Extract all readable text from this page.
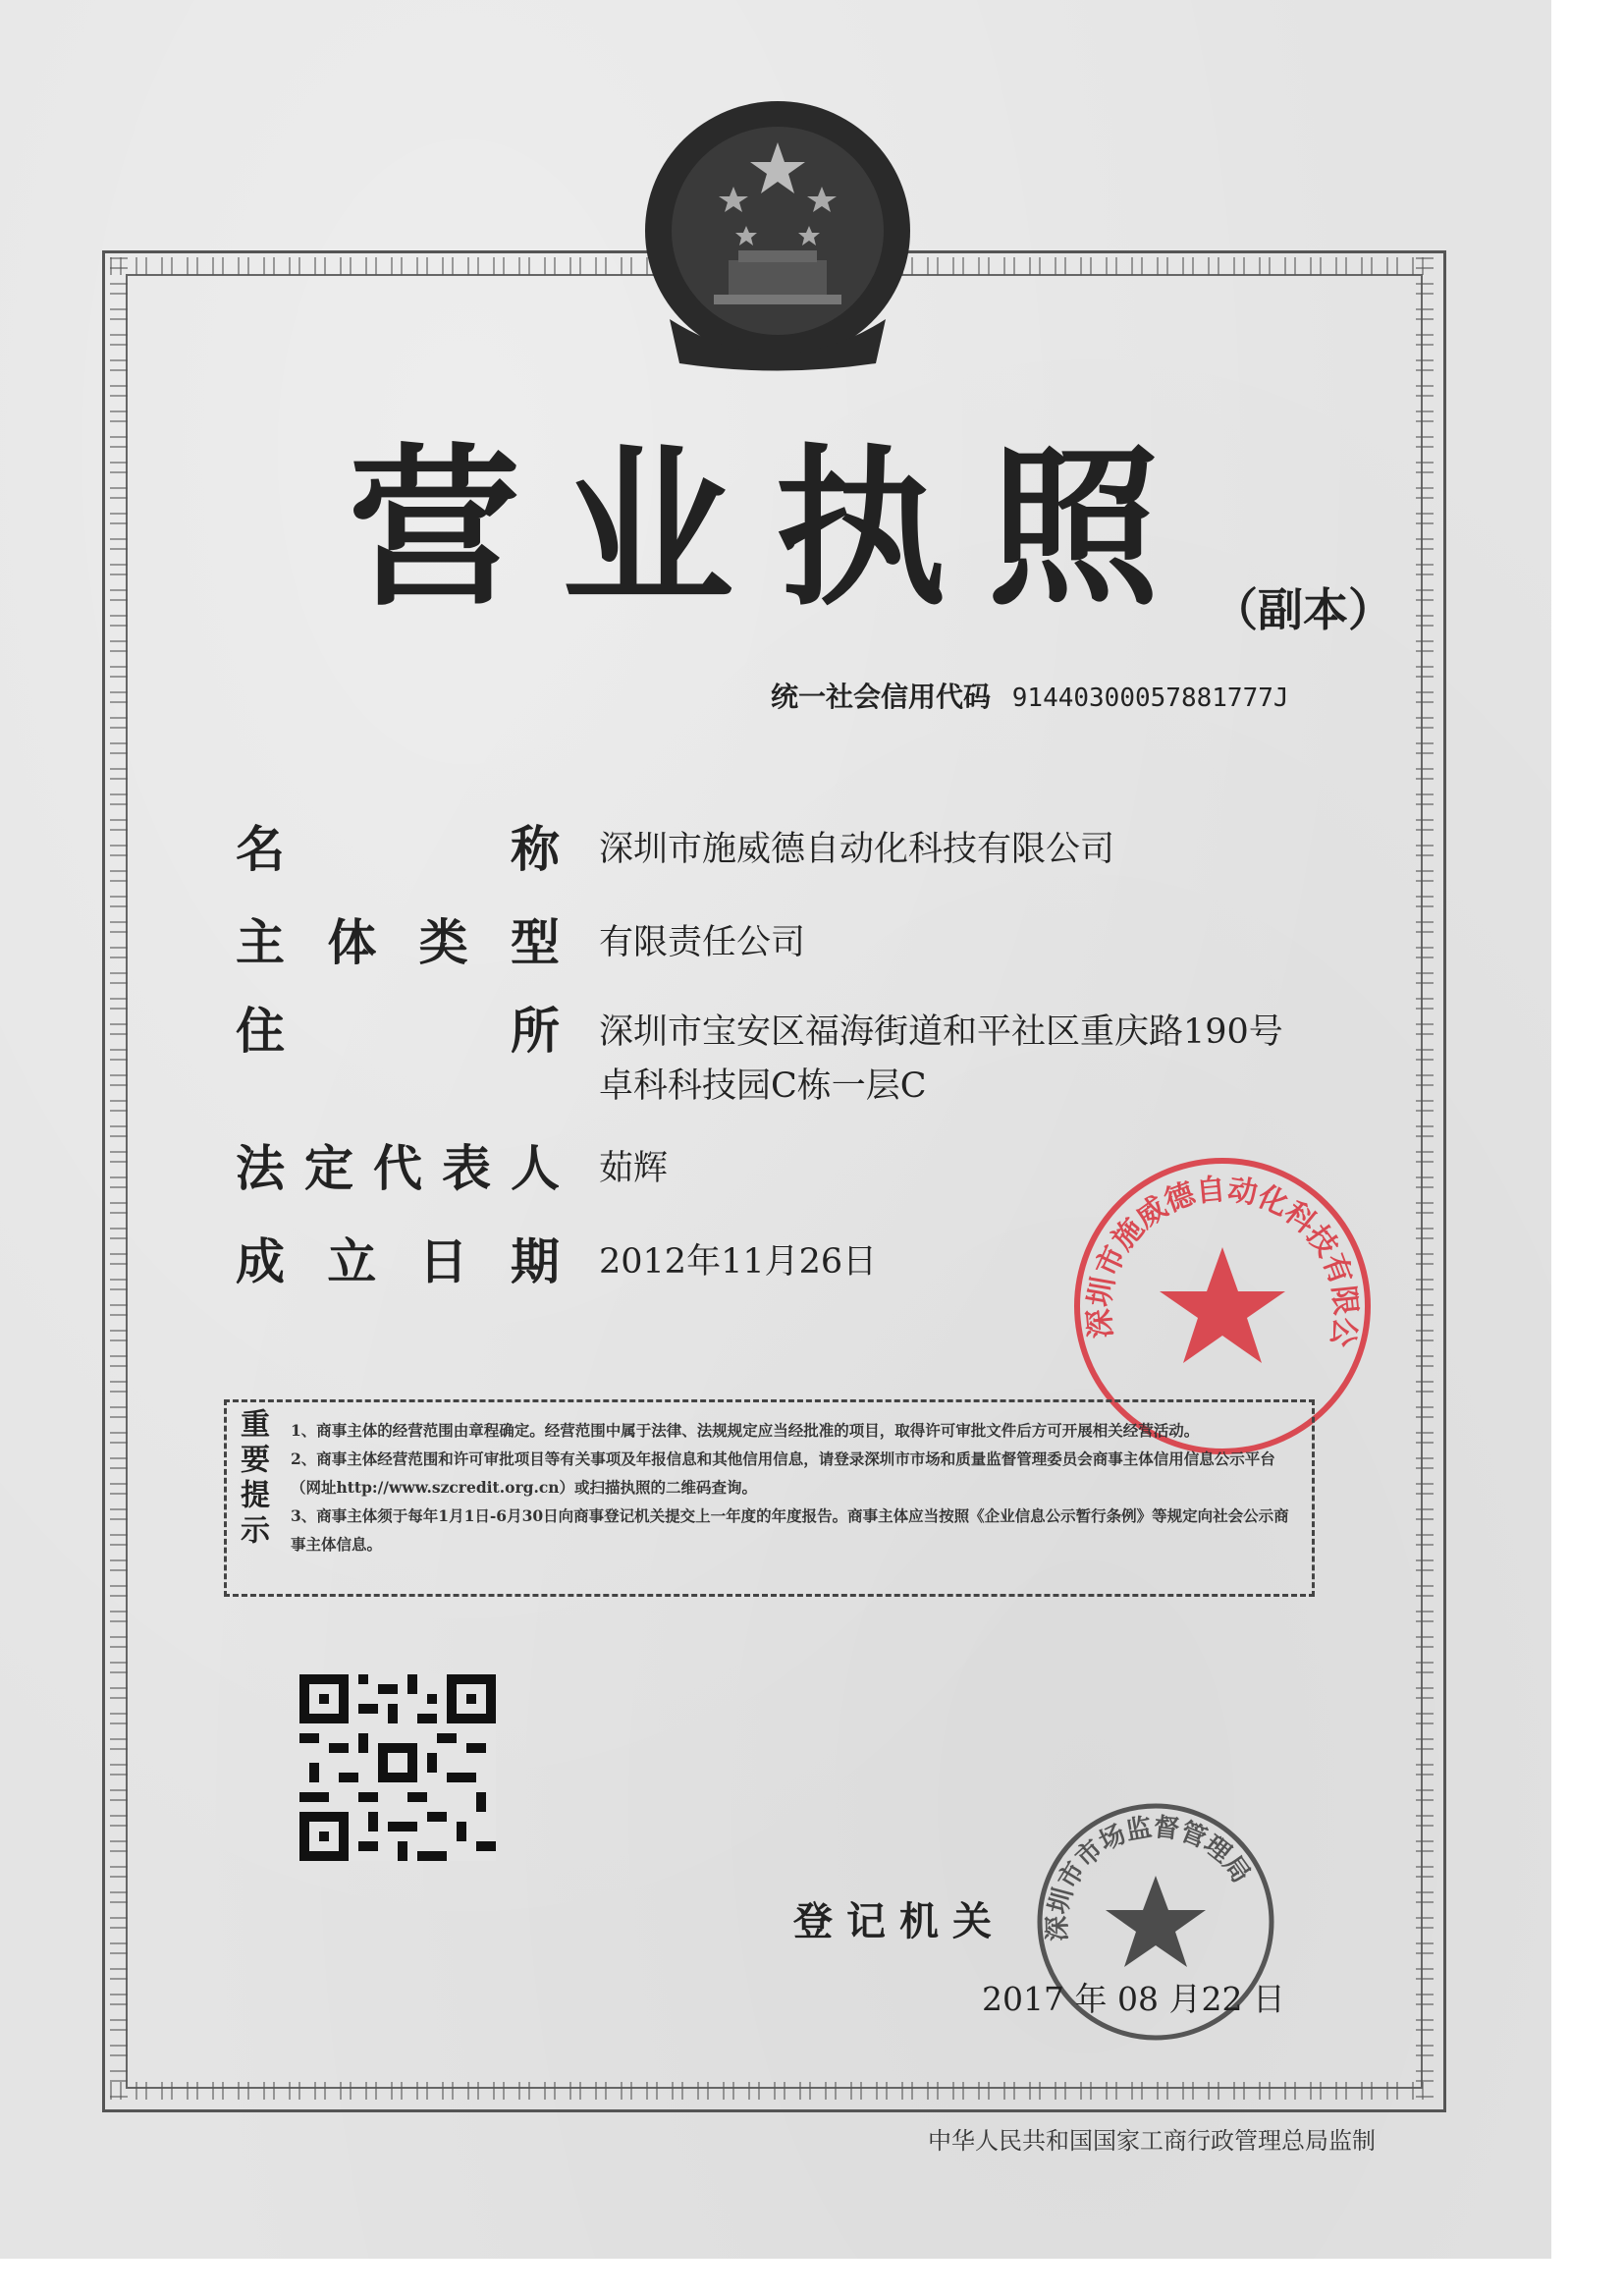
营业执照 （副本）
统一社会信用代码 91440300057881777J
名	称 深圳市施威德自动化科技有限公司
主 体 类 型 有限责任公司
住	所 深圳市宝安区福海街道和平社区重庆路190号卓科科技园C栋一层C
法 定 代 表 人 茹辉
成 立 日 期 2012年11月26日
深圳市施威德自动化科技有限公
重要提示	1、商事主体的经营范围由章程确定。经营范围中属于法律、法规规定应当经批准的项目，取得许可审批文件后方可开展相关经营活动。
2、商事主体经营范围和许可审批项目等有关事项及年报信息和其他信用信息，请登录深圳市市场和质量监督管理委员会商事主体信用信息公示平台（网址http://www.szcredit.org.cn）或扫描执照的二维码查询。
3、商事主体须于每年1月1日-6月30日向商事登记机关提交上一年度的年度报告。商事主体应当按照《企业信息公示暂行条例》等规定向社会公示商事主体信息。
登记机关 深圳市市场监督管理局
2017 年 08 月22 日
中华人民共和国国家工商行政管理总局监制
